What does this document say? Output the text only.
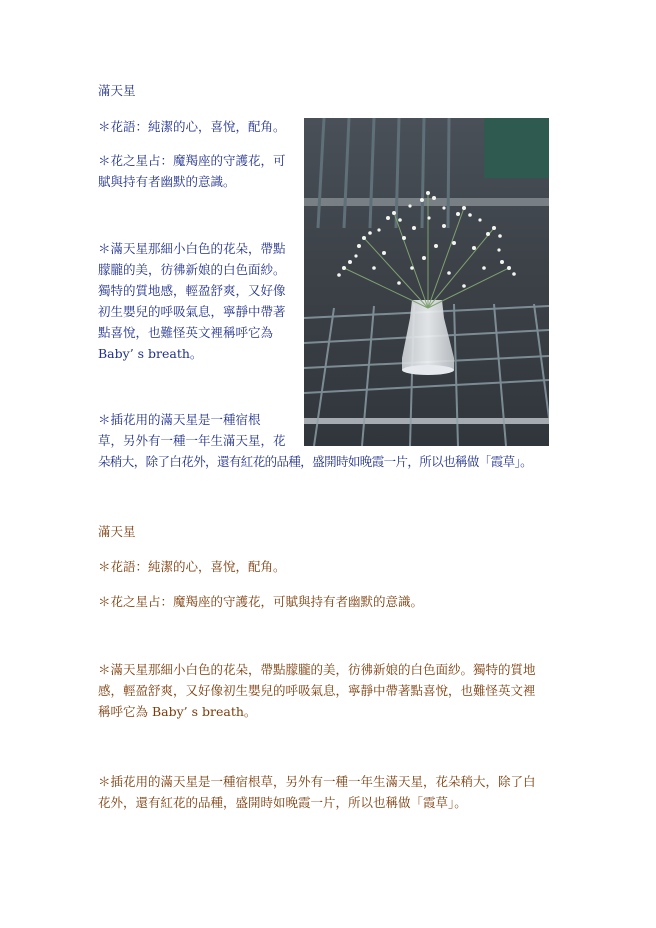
滿天星
＊花語：純潔的心，喜悅，配角。
＊花之星占：魔羯座的守護花，可
賦與持有者幽默的意識。
＊滿天星那細小白色的花朵，帶點
朦朧的美，彷彿新娘的白色面紗。
獨特的質地感，輕盈舒爽，又好像
初生嬰兒的呼吸氣息，寧靜中帶著
點喜悅，也難怪英文裡稱呼它為
Baby’ s breath。
＊插花用的滿天星是一種宿根
草，另外有一種一年生滿天星，花
朵稍大，除了白花外，還有紅花的品種，盛開時如晚霞一片，所以也稱做「霞草」。
滿天星
＊花語：純潔的心，喜悅，配角。
＊花之星占：魔羯座的守護花，可賦與持有者幽默的意識。
＊滿天星那細小白色的花朵，帶點朦朧的美，彷彿新娘的白色面紗。獨特的質地
感，輕盈舒爽，又好像初生嬰兒的呼吸氣息，寧靜中帶著點喜悅，也難怪英文裡
稱呼它為 Baby’ s breath。
＊插花用的滿天星是一種宿根草，另外有一種一年生滿天星，花朵稍大，除了白
花外，還有紅花的品種，盛開時如晚霞一片，所以也稱做「霞草」。
